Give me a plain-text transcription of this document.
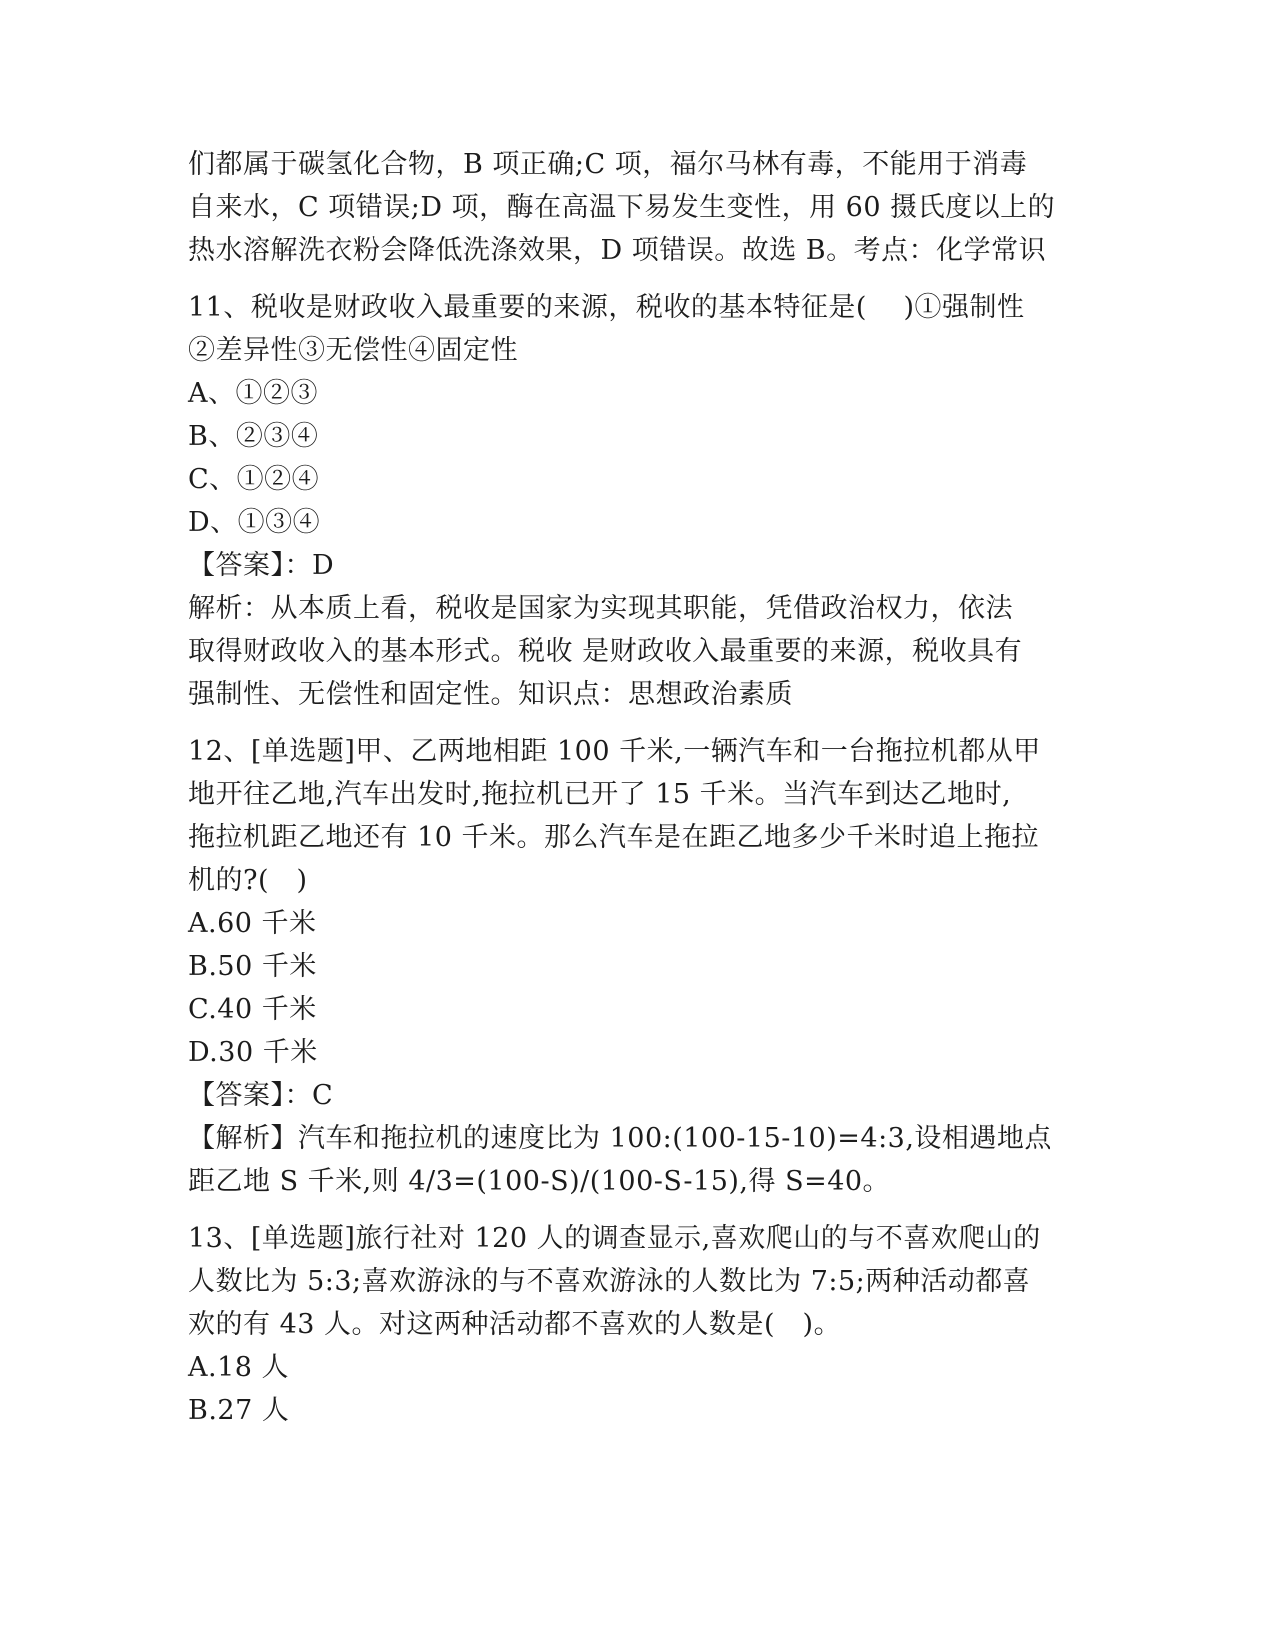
们都属于碳氢化合物，B 项正确;C 项，福尔马林有毒，不能用于消毒
自来水，C 项错误;D 项，酶在高温下易发生变性，用 60 摄氏度以上的
热水溶解洗衣粉会降低洗涤效果，D 项错误。故选 B。考点：化学常识
11、税收是财政收入最重要的来源，税收的基本特征是(　 )①强制性
②差异性③无偿性④固定性
A、①②③
B、②③④
C、①②④
D、①③④
【答案】：D
解析：从本质上看，税收是国家为实现其职能，凭借政治权力，依法
取得财政收入的基本形式。税收 是财政收入最重要的来源，税收具有
强制性、无偿性和固定性。知识点：思想政治素质
12、[单选题]甲、乙两地相距 100 千米,一辆汽车和一台拖拉机都从甲
地开往乙地,汽车出发时,拖拉机已开了 15 千米。当汽车到达乙地时,
拖拉机距乙地还有 10 千米。那么汽车是在距乙地多少千米时追上拖拉
机的?(　)
A.60 千米
B.50 千米
C.40 千米
D.30 千米
【答案】：C
【解析】汽车和拖拉机的速度比为 100:(100-15-10)=4:3,设相遇地点
距乙地 S 千米,则 4/3=(100-S)/(100-S-15),得 S=40。
13、[单选题]旅行社对 120 人的调查显示,喜欢爬山的与不喜欢爬山的
人数比为 5:3;喜欢游泳的与不喜欢游泳的人数比为 7:5;两种活动都喜
欢的有 43 人。对这两种活动都不喜欢的人数是(　)。
A.18 人
B.27 人
